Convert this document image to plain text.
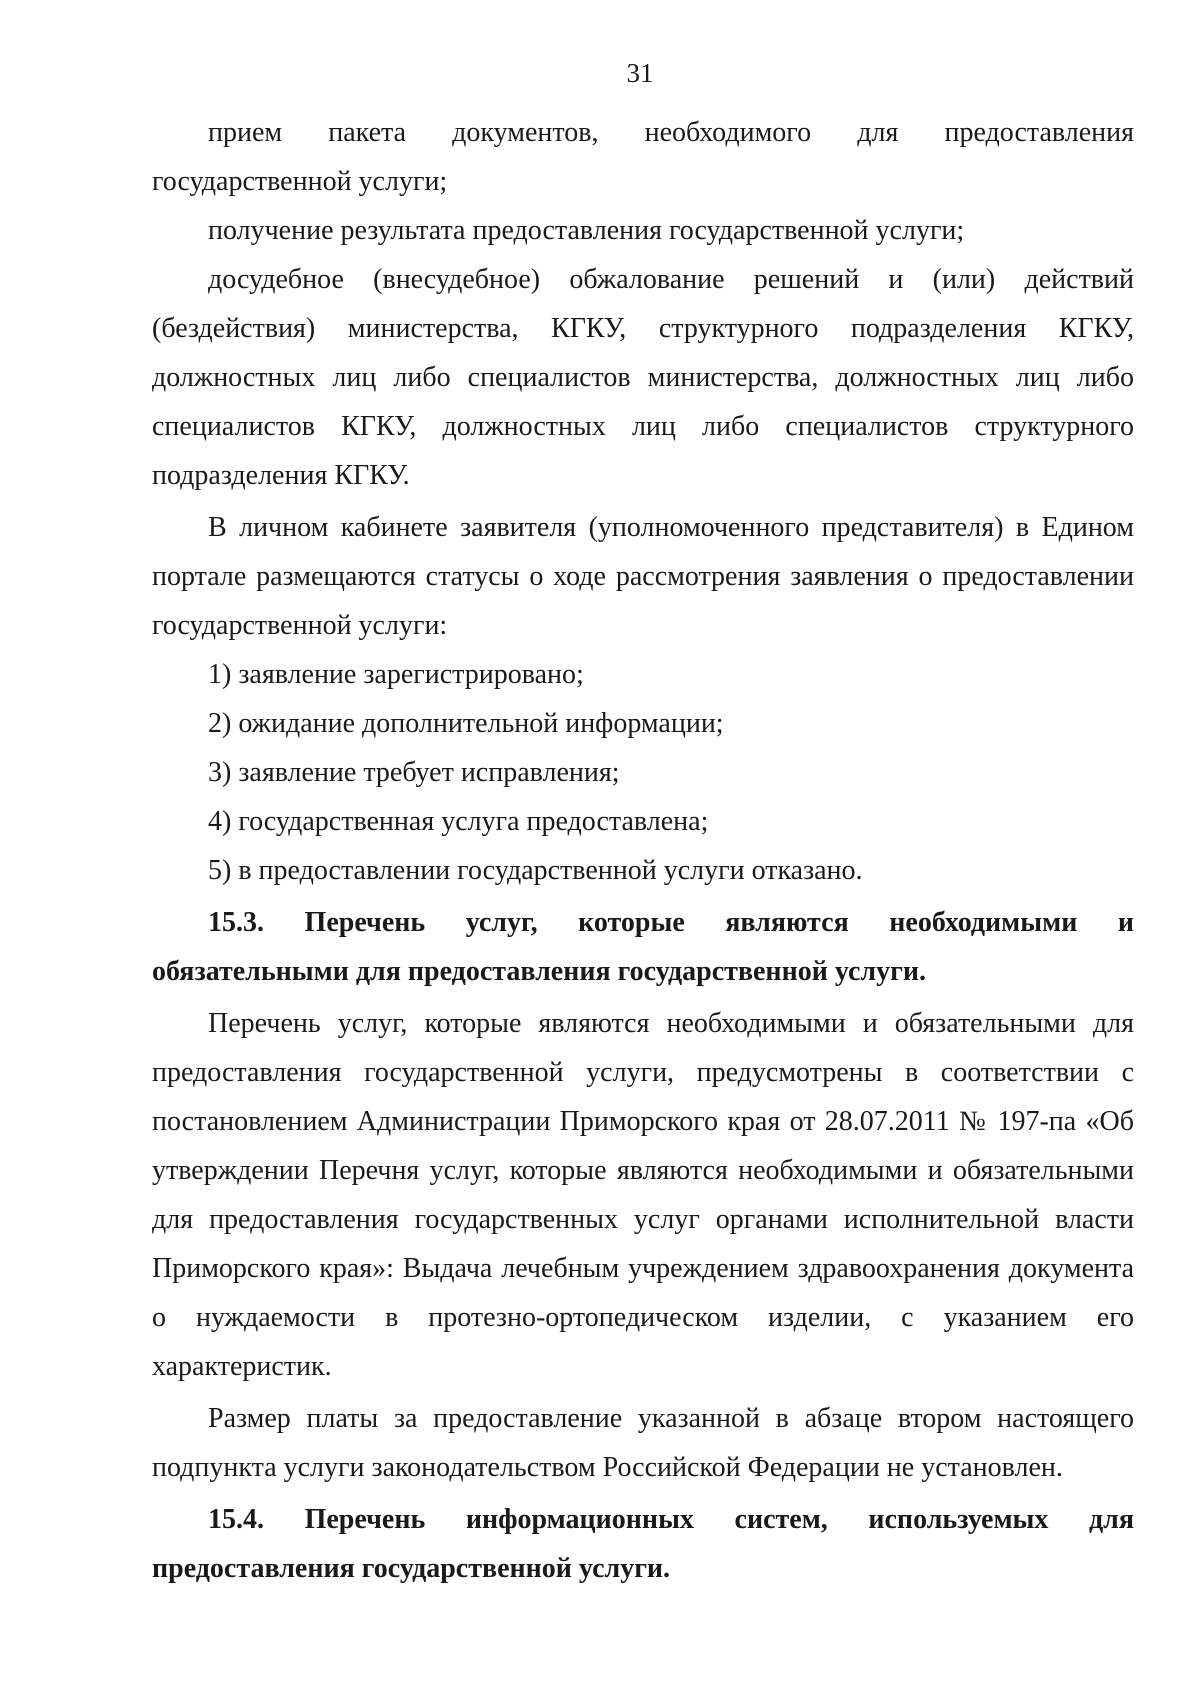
31

прием пакета документов, необходимого для предоставления государственной услуги;

получение результата предоставления государственной услуги;

досудебное (внесудебное) обжалование решений и (или) действий (бездействия) министерства, КГКУ, структурного подразделения КГКУ, должностных лиц либо специалистов министерства, должностных лиц либо специалистов КГКУ, должностных лиц либо специалистов структурного подразделения КГКУ.

В личном кабинете заявителя (уполномоченного представителя) в Едином портале размещаются статусы о ходе рассмотрения заявления о предоставлении государственной услуги:

1) заявление зарегистрировано;

2) ожидание дополнительной информации;

3) заявление требует исправления;

4) государственная услуга предоставлена;

5) в предоставлении государственной услуги отказано.

15.3. Перечень услуг, которые являются необходимыми и обязательными для предоставления государственной услуги.

Перечень услуг, которые являются необходимыми и обязательными для предоставления государственной услуги, предусмотрены в соответствии с постановлением Администрации Приморского края от 28.07.2011 № 197-па «Об утверждении Перечня услуг, которые являются необходимыми и обязательными для предоставления государственных услуг органами исполнительной власти Приморского края»: Выдача лечебным учреждением здравоохранения документа о нуждаемости в протезно-ортопедическом изделии, с указанием его характеристик.

Размер платы за предоставление указанной в абзаце втором настоящего подпункта услуги законодательством Российской Федерации не установлен.

15.4. Перечень информационных систем, используемых для предоставления государственной услуги.
